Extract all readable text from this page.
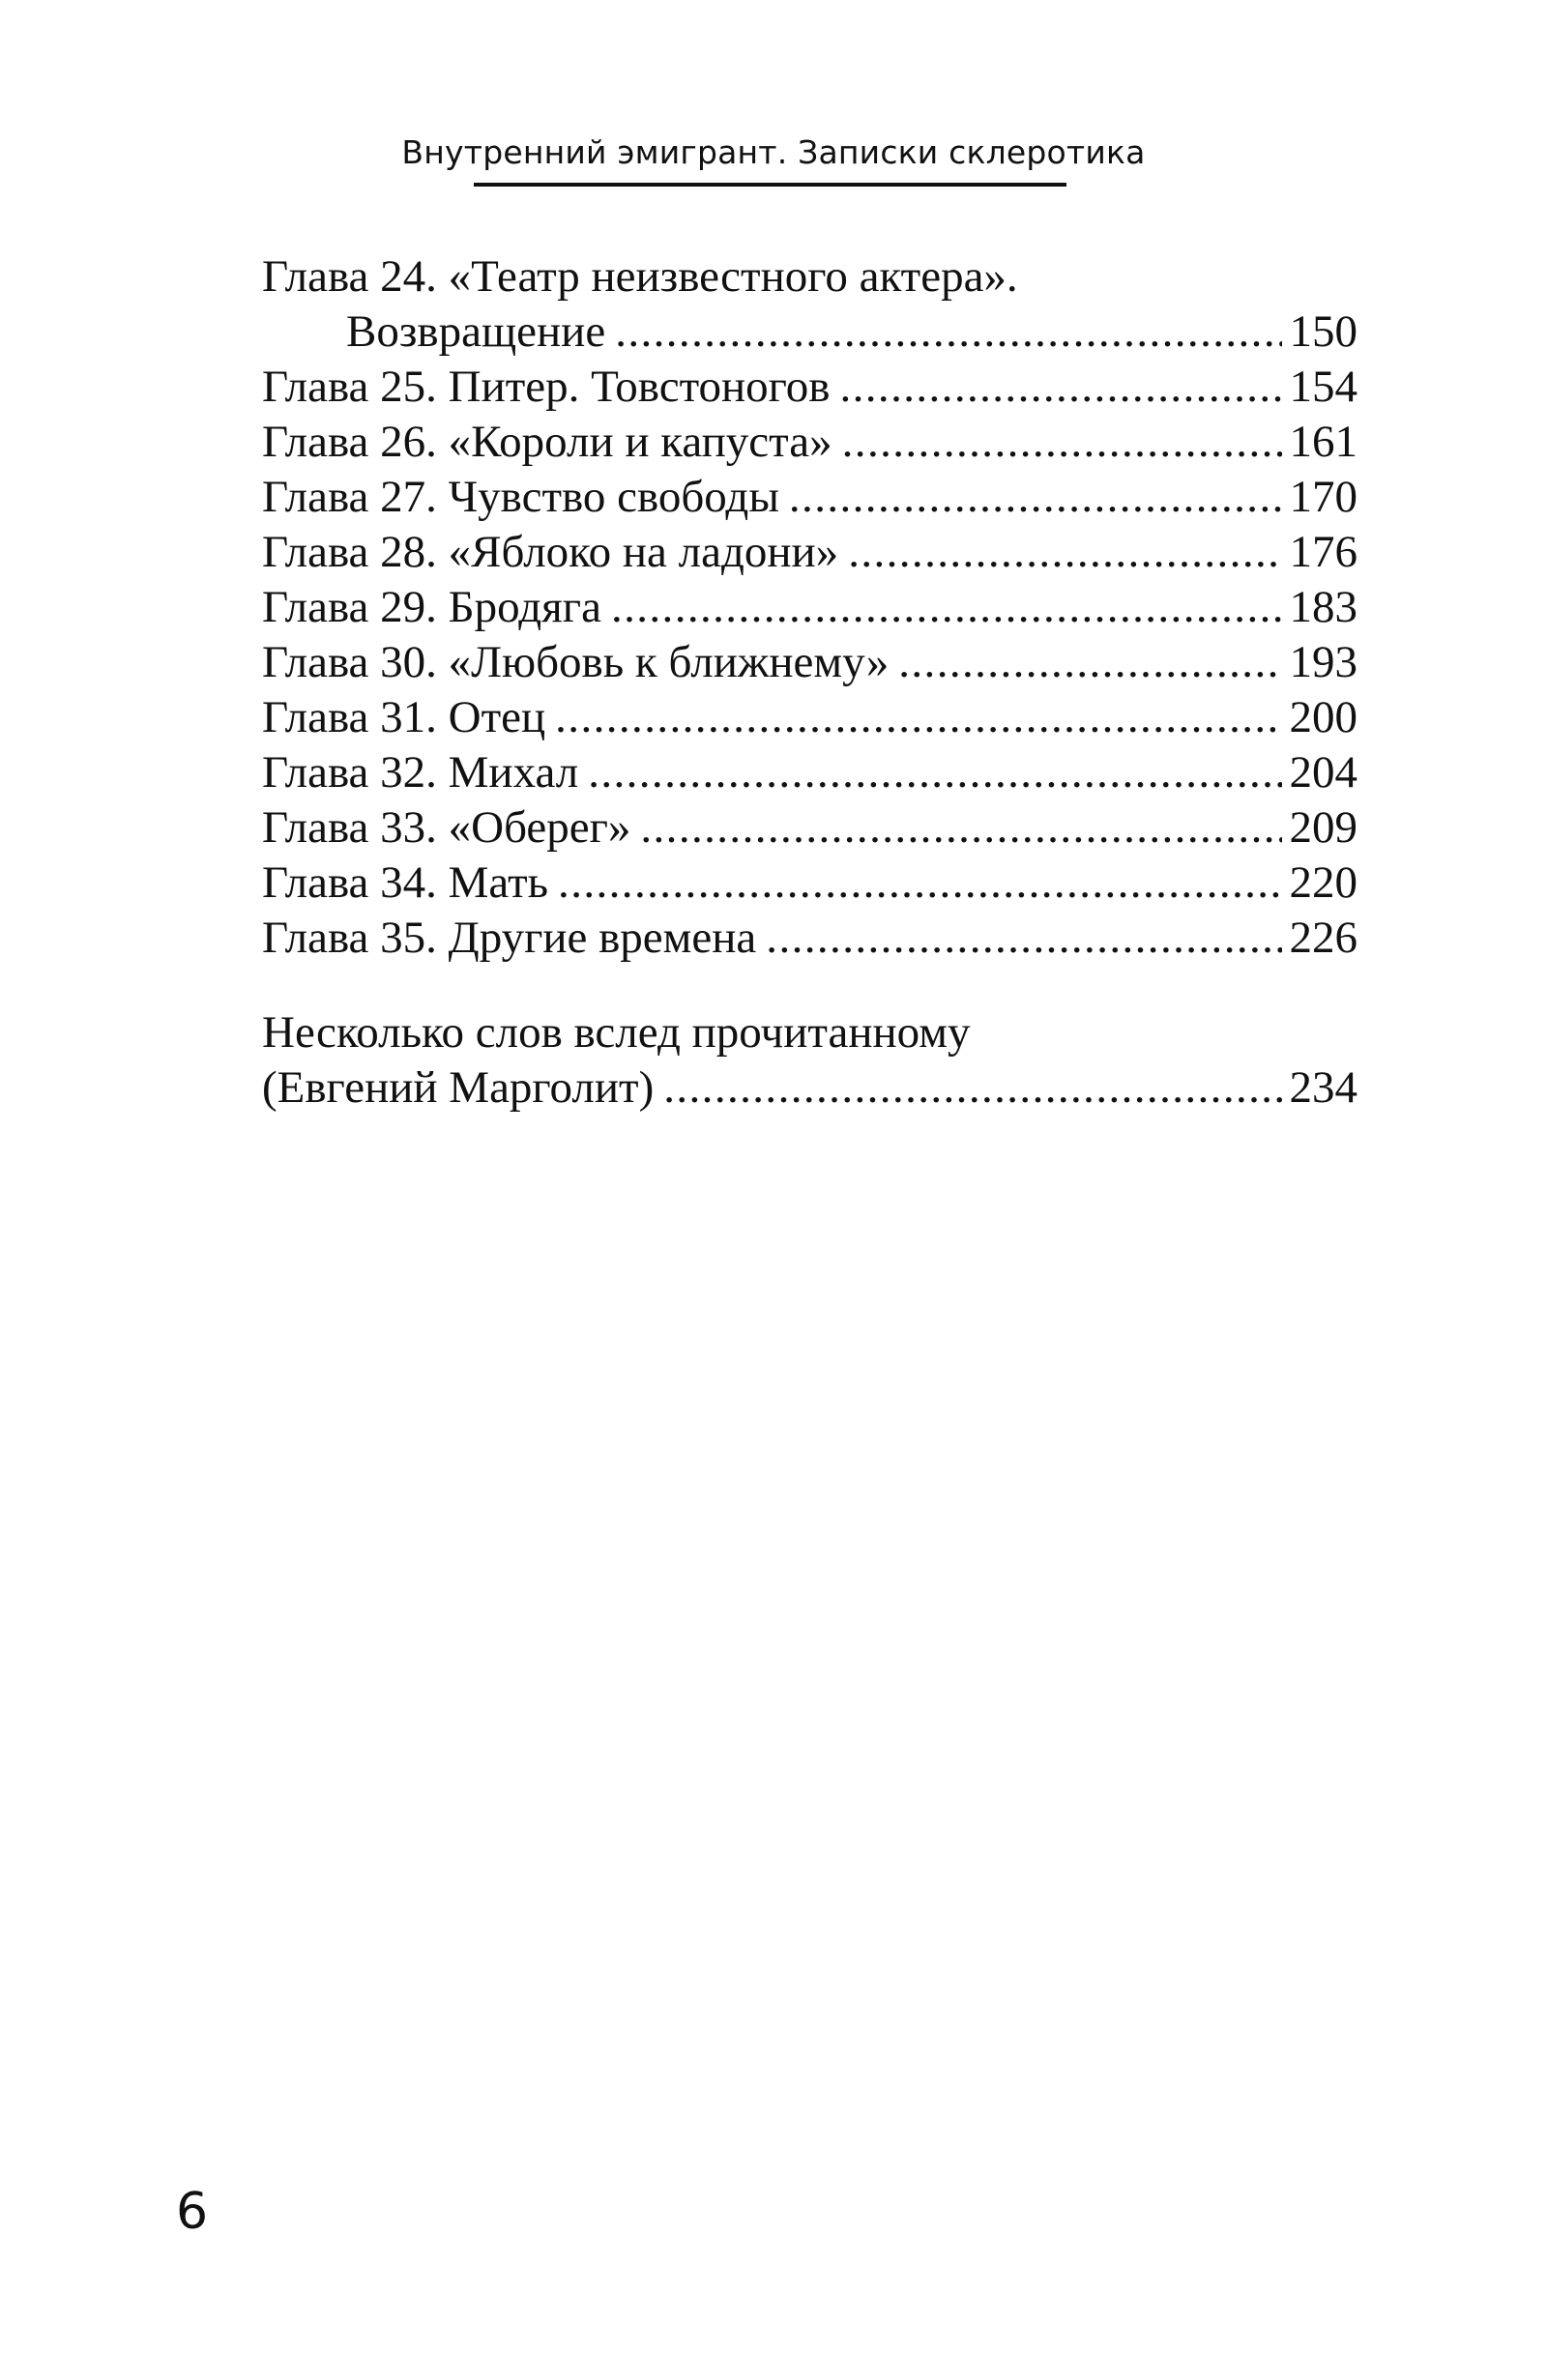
Внутренний эмигрант. Записки склеротика
Глава 24. «Театр неизвестного актера».
Возвращение .....	150
Глава 25. Питер. Товстоногов .....	154
Глава 26. «Короли и капуста» .....	161
Глава 27. Чувство свободы .....	170
Глава 28. «Яблоко на ладони» .....	176
Глава 29. Бродяга .....	183
Глава 30. «Любовь к ближнему» .....	193
Глава 31. Отец .....	200
Глава 32. Михал .....	204
Глава 33. «Оберег» .....	209
Глава 34. Мать .....	220
Глава 35. Другие времена .....	226
Несколько слов вслед прочитанному
(Евгений Марголит) .....	234
6
